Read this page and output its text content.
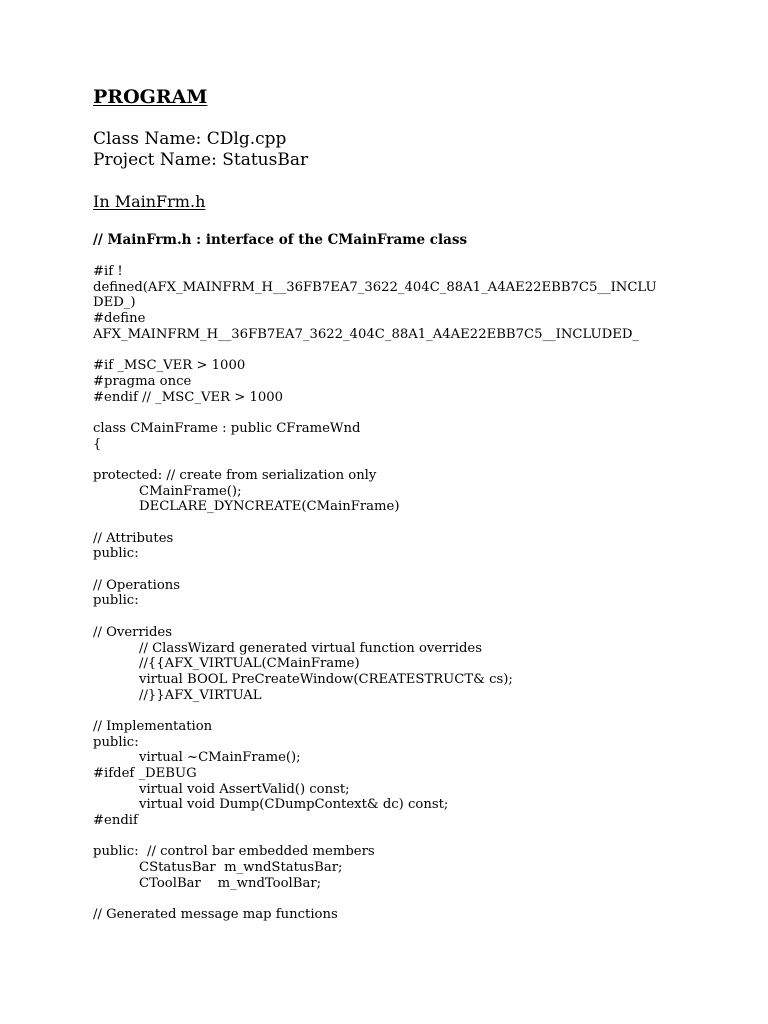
PROGRAM
Class Name: CDlg.cpp
Project Name: StatusBar
In MainFrm.h
// MainFrm.h : interface of the CMainFrame class
#if !
defined(AFX_MAINFRM_H__36FB7EA7_3622_404C_88A1_A4AE22EBB7C5__INCLU
DED_)
#define
AFX_MAINFRM_H__36FB7EA7_3622_404C_88A1_A4AE22EBB7C5__INCLUDED_
#if _MSC_VER > 1000
#pragma once
#endif // _MSC_VER > 1000
class CMainFrame : public CFrameWnd
{
protected: // create from serialization only
CMainFrame();
DECLARE_DYNCREATE(CMainFrame)
// Attributes
public:
// Operations
public:
// Overrides
// ClassWizard generated virtual function overrides
//{{AFX_VIRTUAL(CMainFrame)
virtual BOOL PreCreateWindow(CREATESTRUCT& cs);
//}}AFX_VIRTUAL
// Implementation
public:
virtual ~CMainFrame();
#ifdef _DEBUG
virtual void AssertValid() const;
virtual void Dump(CDumpContext& dc) const;
#endif
public:  // control bar embedded members
CStatusBar  m_wndStatusBar;
CToolBar    m_wndToolBar;
// Generated message map functions
